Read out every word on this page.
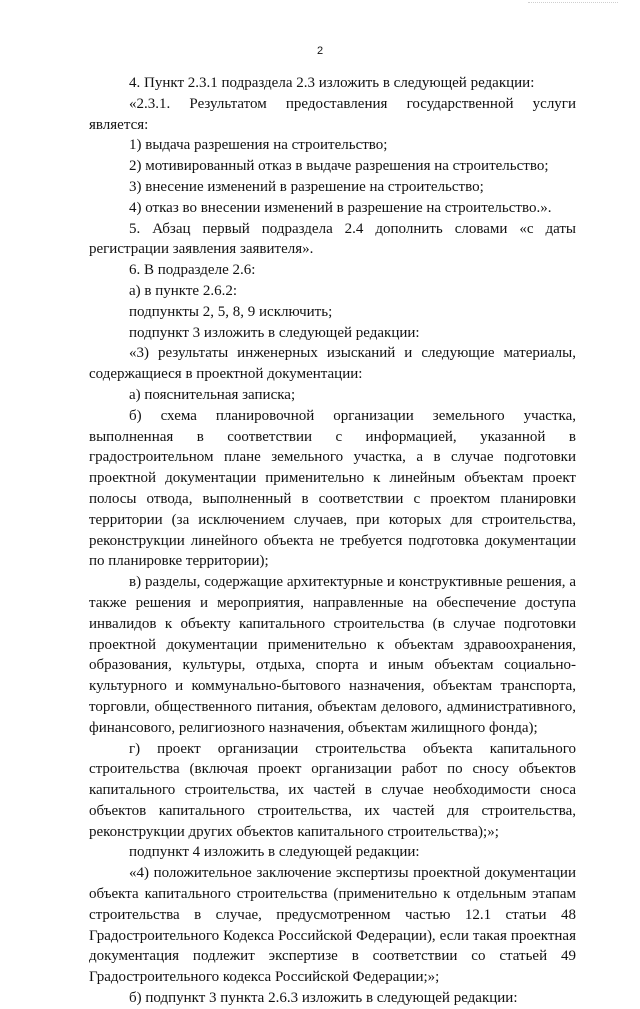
2

4. Пункт 2.3.1 подраздела 2.3 изложить в следующей редакции:

«2.3.1. Результатом предоставления государственной услуги является:

1) выдача разрешения на строительство;

2) мотивированный отказ в выдаче разрешения на строительство;

3) внесение изменений в разрешение на строительство;

4) отказ во внесении изменений в разрешение на строительство.».

5. Абзац первый подраздела 2.4 дополнить словами «с даты регистрации заявления заявителя».

6. В подразделе 2.6:

а) в пункте 2.6.2:

подпункты 2, 5, 8, 9 исключить;

подпункт 3 изложить в следующей редакции:

«3) результаты инженерных изысканий и следующие материалы, содержащиеся в проектной документации:

а) пояснительная записка;

б) схема планировочной организации земельного участка, выполненная в соответствии с информацией, указанной в градостроительном плане земельного участка, а в случае подготовки проектной документации применительно к линейным объектам проект полосы отвода, выполненный в соответствии с проектом планировки территории (за исключением случаев, при которых для строительства, реконструкции линейного объекта не требуется подготовка документации по планировке территории);

в) разделы, содержащие архитектурные и конструктивные решения, а также решения и мероприятия, направленные на обеспечение доступа инвалидов к объекту капитального строительства (в случае подготовки проектной документации применительно к объектам здравоохранения, образования, культуры, отдыха, спорта и иным объектам социально-культурного и коммунально-бытового назначения, объектам транспорта, торговли, общественного питания, объектам делового, административного, финансового, религиозного назначения, объектам жилищного фонда);

г) проект организации строительства объекта капитального строительства (включая проект организации работ по сносу объектов капитального строительства, их частей в случае необходимости сноса объектов капитального строительства, их частей для строительства, реконструкции других объектов капитального строительства);»;

подпункт 4 изложить в следующей редакции:

«4) положительное заключение экспертизы проектной документации объекта капитального строительства (применительно к отдельным этапам строительства в случае, предусмотренном частью 12.1 статьи 48 Градостроительного Кодекса Российской Федерации), если такая проектная документация подлежит экспертизе в соответствии со статьей 49 Градостроительного кодекса Российской Федерации;»;

б) подпункт 3 пункта 2.6.3 изложить в следующей редакции:
